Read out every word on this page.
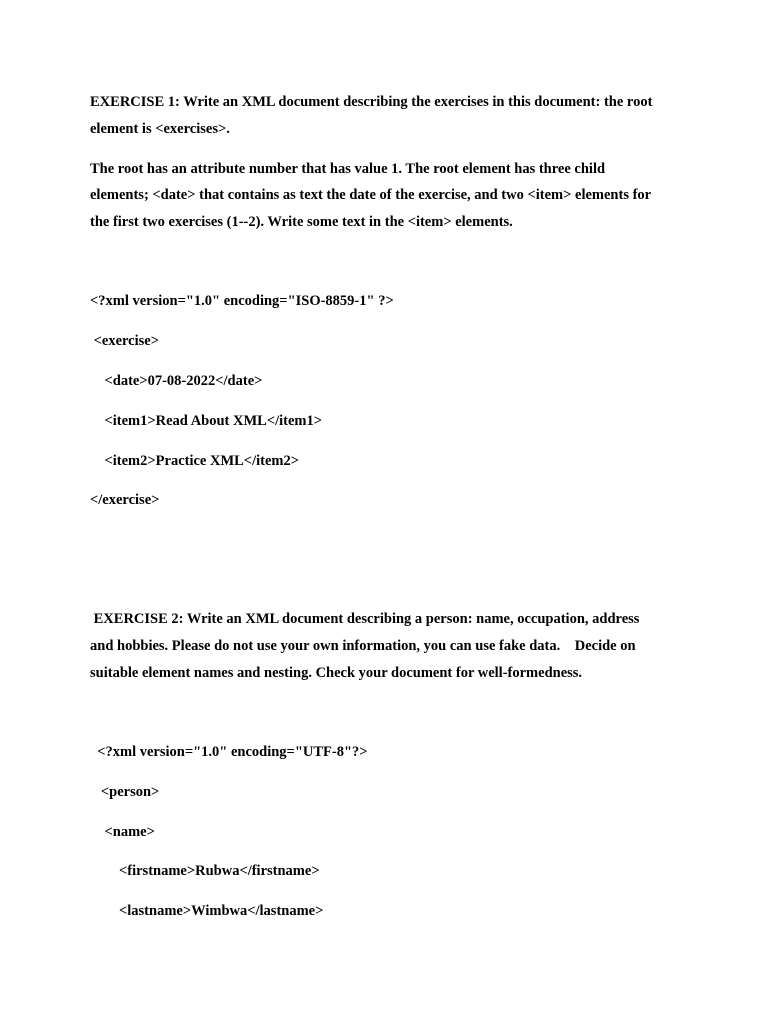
EXERCISE 1: Write an XML document describing the exercises in this document: the root
element is <exercises>.
The root has an attribute number that has value 1. The root element has three child
elements; <date> that contains as text the date of the exercise, and two <item> elements for
the first two exercises (1--2). Write some text in the <item> elements.
<?xml version="1.0" encoding="ISO-8859-1" ?>
<exercise>
<date>07-08-2022</date>
<item1>Read About XML</item1>
<item2>Practice XML</item2>
</exercise>
EXERCISE 2: Write an XML document describing a person: name, occupation, address
and hobbies. Please do not use your own information, you can use fake data.    Decide on
suitable element names and nesting. Check your document for well-formedness.
<?xml version="1.0" encoding="UTF-8"?>
<person>
<name>
<firstname>Rubwa</firstname>
<lastname>Wimbwa</lastname>
